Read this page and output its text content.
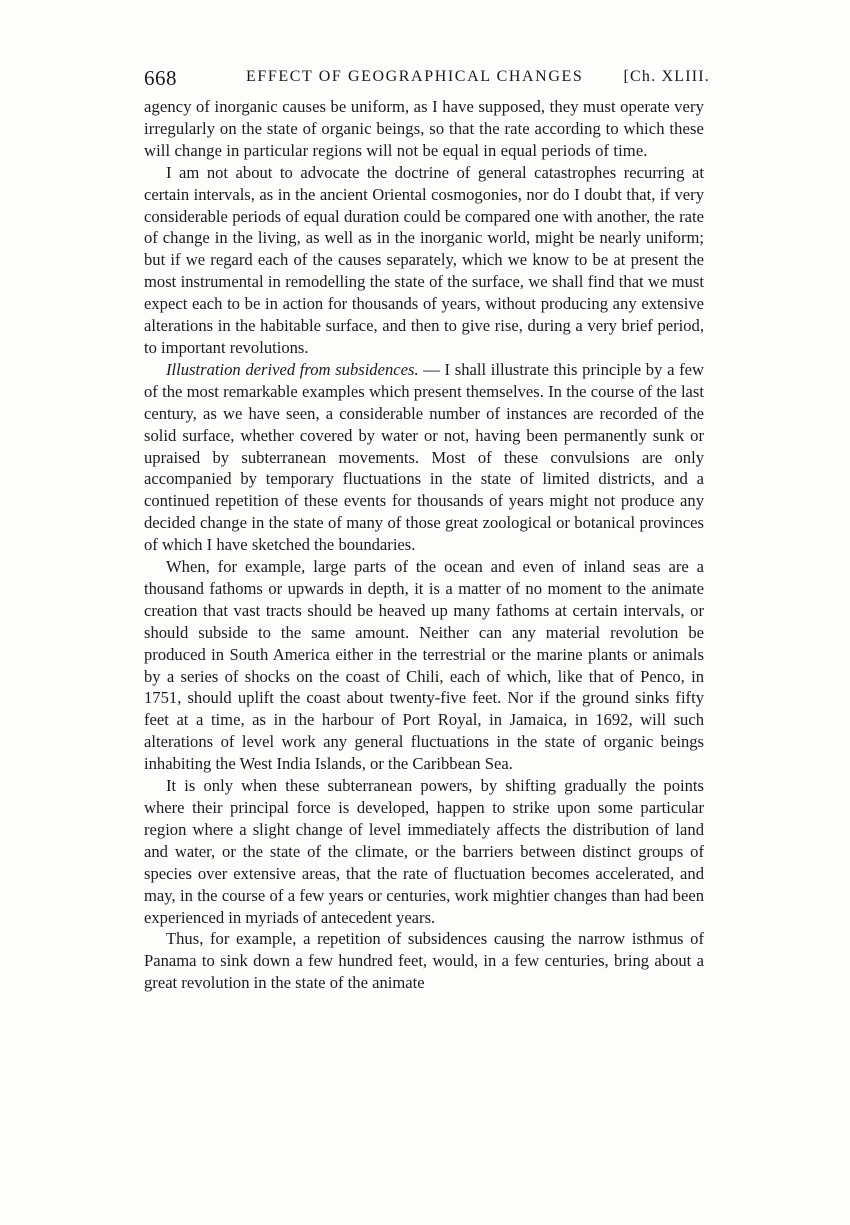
668	EFFECT OF GEOGRAPHICAL CHANGES	[Ch. XLIII.

agency of inorganic causes be uniform, as I have supposed, they must operate very irregularly on the state of organic beings, so that the rate according to which these will change in particular regions will not be equal in equal periods of time.

I am not about to advocate the doctrine of general catastrophes recurring at certain intervals, as in the ancient Oriental cosmogonies, nor do I doubt that, if very considerable periods of equal duration could be compared one with another, the rate of change in the living, as well as in the inorganic world, might be nearly uniform; but if we regard each of the causes separately, which we know to be at present the most instrumental in remodelling the state of the surface, we shall find that we must expect each to be in action for thousands of years, without producing any extensive alterations in the habitable surface, and then to give rise, during a very brief period, to important revolutions.

Illustration derived from subsidences. — I shall illustrate this principle by a few of the most remarkable examples which present themselves. In the course of the last century, as we have seen, a considerable number of instances are recorded of the solid surface, whether covered by water or not, having been permanently sunk or upraised by subterranean movements. Most of these convulsions are only accompanied by temporary fluctuations in the state of limited districts, and a continued repetition of these events for thousands of years might not produce any decided change in the state of many of those great zoological or botanical provinces of which I have sketched the boundaries.

When, for example, large parts of the ocean and even of inland seas are a thousand fathoms or upwards in depth, it is a matter of no moment to the animate creation that vast tracts should be heaved up many fathoms at certain intervals, or should subside to the same amount. Neither can any material revolution be produced in South America either in the terrestrial or the marine plants or animals by a series of shocks on the coast of Chili, each of which, like that of Penco, in 1751, should uplift the coast about twenty-five feet. Nor if the ground sinks fifty feet at a time, as in the harbour of Port Royal, in Jamaica, in 1692, will such alterations of level work any general fluctuations in the state of organic beings inhabiting the West India Islands, or the Caribbean Sea.

It is only when these subterranean powers, by shifting gradually the points where their principal force is developed, happen to strike upon some particular region where a slight change of level immediately affects the distribution of land and water, or the state of the climate, or the barriers between distinct groups of species over extensive areas, that the rate of fluctuation becomes accelerated, and may, in the course of a few years or centuries, work mightier changes than had been experienced in myriads of antecedent years.

Thus, for example, a repetition of subsidences causing the narrow isthmus of Panama to sink down a few hundred feet, would, in a few centuries, bring about a great revolution in the state of the animate
